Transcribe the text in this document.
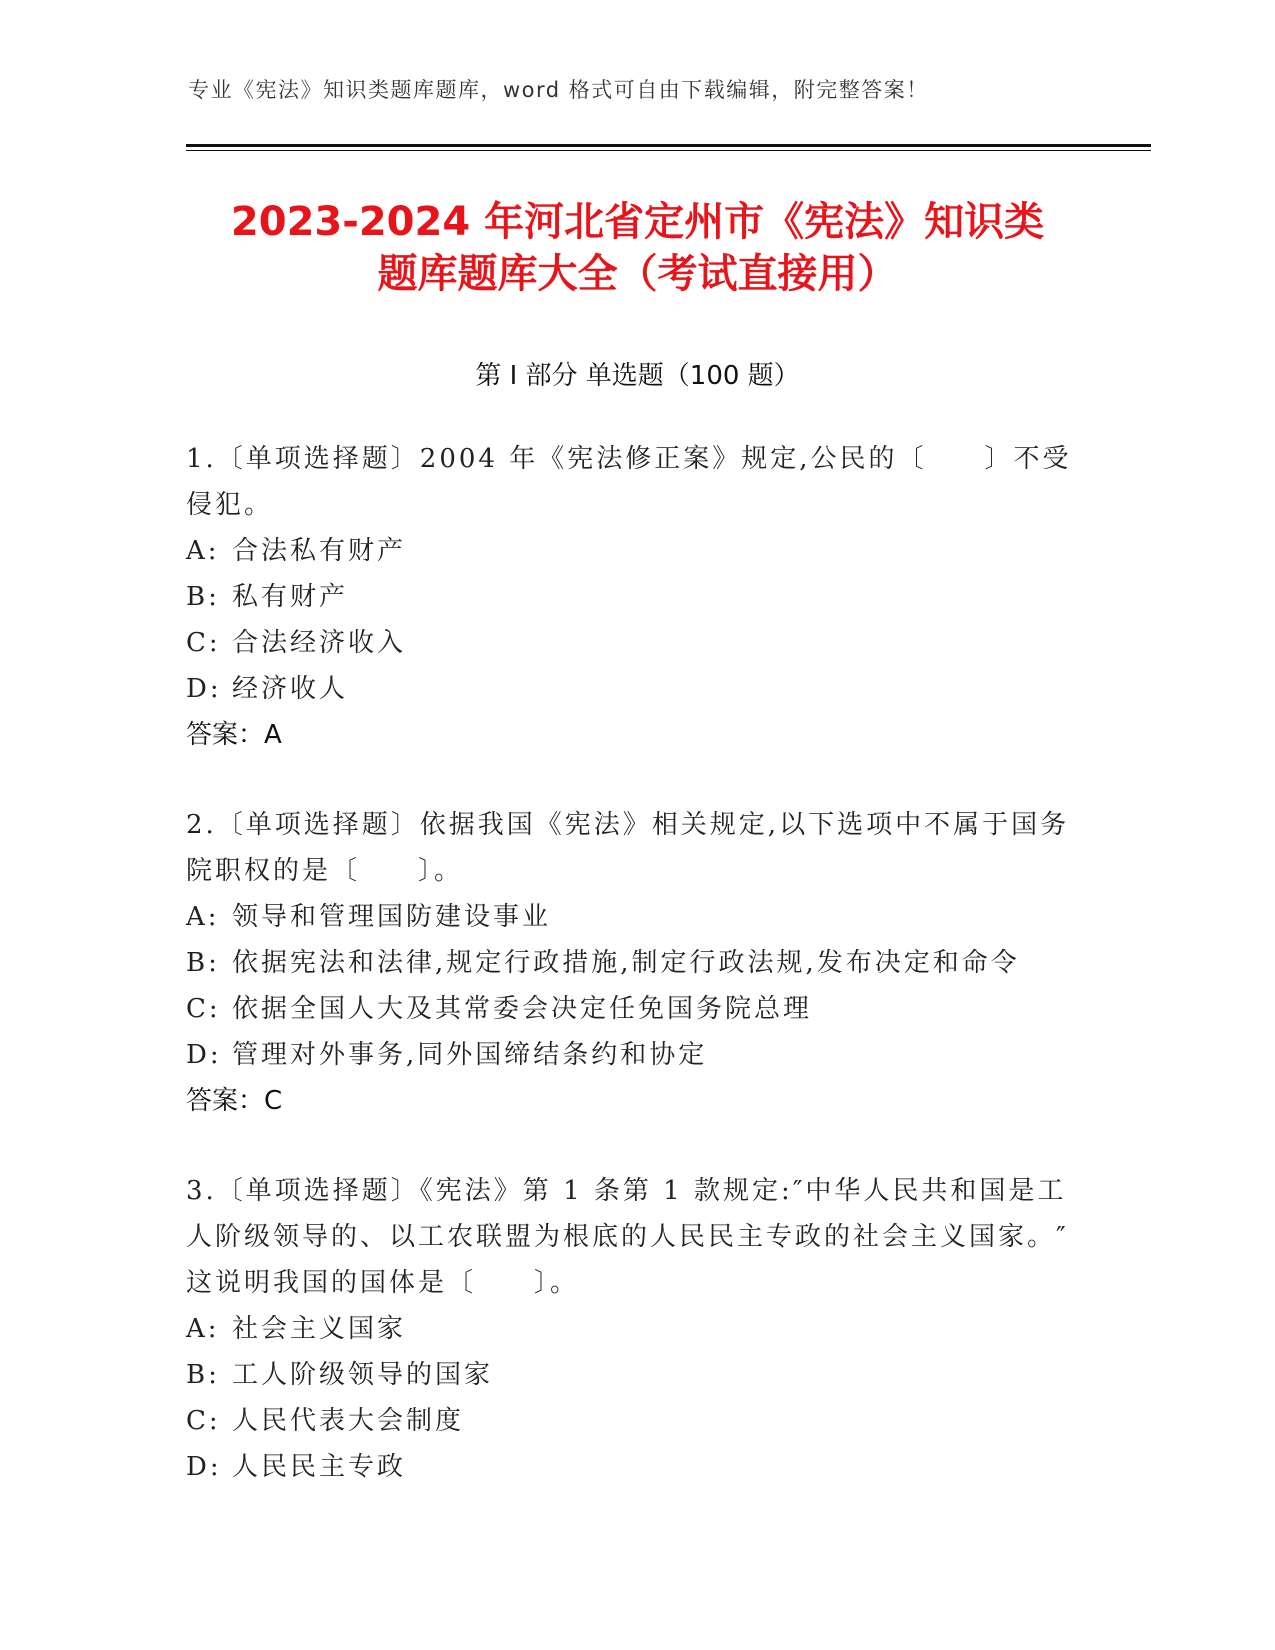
专业《宪法》知识类题库题库，word 格式可自由下载编辑，附完整答案！
2023-2024 年河北省定州市《宪法》知识类
题库题库大全（考试直接用）
第 I 部分 单选题（100 题）

1.〔单项选择题〕2004 年《宪法修正案》规定,公民的〔　　〕不受侵犯。

A: 合法私有财产

B: 私有财产

C: 合法经济收入

D: 经济收人

答案：A

2.〔单项选择题〕依据我国《宪法》相关规定,以下选项中不属于国务院职权的是〔　　〕。

A: 领导和管理国防建设事业

B: 依据宪法和法律,规定行政措施,制定行政法规,发布决定和命令

C: 依据全国人大及其常委会决定任免国务院总理

D: 管理对外事务,同外国缔结条约和协定

答案：C

3.〔单项选择题〕《宪法》第 1 条第 1 款规定:″中华人民共和国是工人阶级领导的、以工农联盟为根底的人民民主专政的社会主义国家。″这说明我国的国体是〔　　〕。

A: 社会主义国家

B: 工人阶级领导的国家

C: 人民代表大会制度

D: 人民民主专政
